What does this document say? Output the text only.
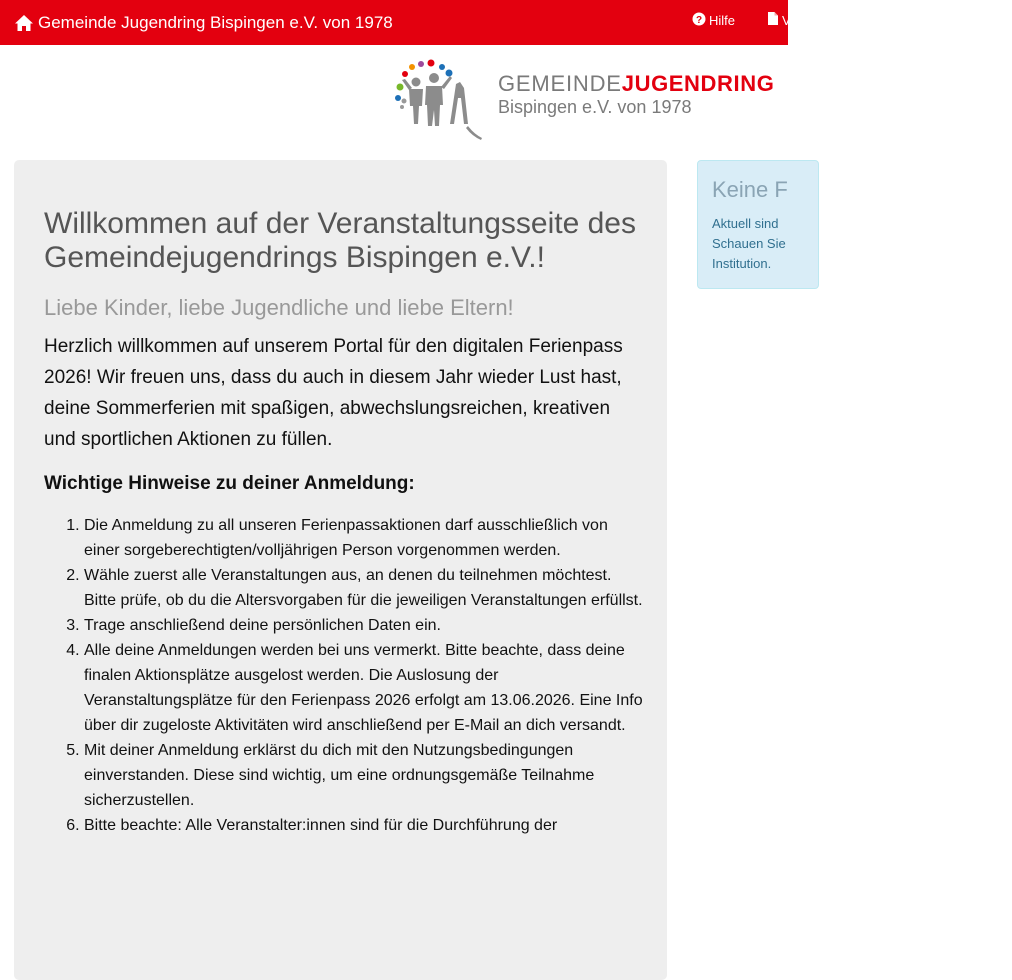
Gemeinde Jugendring Bispingen e.V. von 1978	? Hilfe	V
GEMEINDEJUGENDRING
Bispingen e.V. von 1978
Willkommen auf der Veranstaltungsseite des Gemeindejugendrings Bispingen e.V.!
Liebe Kinder, liebe Jugendliche und liebe Eltern!

Herzlich willkommen auf unserem Portal für den digitalen Ferienpass 2026! Wir freuen uns, dass du auch in diesem Jahr wieder Lust hast, deine Sommerferien mit spaßigen, abwechslungsreichen, kreativen und sportlichen Aktionen zu füllen.

Wichtige Hinweise zu deiner Anmeldung:
1. Die Anmeldung zu all unseren Ferienpassaktionen darf ausschließlich von einer sorgeberechtigten/volljährigen Person vorgenommen werden.
2. Wähle zuerst alle Veranstaltungen aus, an denen du teilnehmen möchtest. Bitte prüfe, ob du die Altersvorgaben für die jeweiligen Veranstaltungen erfüllst.
3. Trage anschließend deine persönlichen Daten ein.
4. Alle deine Anmeldungen werden bei uns vermerkt. Bitte beachte, dass deine finalen Aktionsplätze ausgelost werden. Die Auslosung der Veranstaltungsplätze für den Ferienpass 2026 erfolgt am 13.06.2026. Eine Info über dir zugeloste Aktivitäten wird anschließend per E-Mail an dich versandt.
5. Mit deiner Anmeldung erklärst du dich mit den Nutzungsbedingungen einverstanden. Diese sind wichtig, um eine ordnungsgemäße Teilnahme sicherzustellen.
6. Bitte beachte: Alle Veranstalter:innen sind für die Durchführung der
Keine F
Aktuell sind
Schauen Sie
Institution.
